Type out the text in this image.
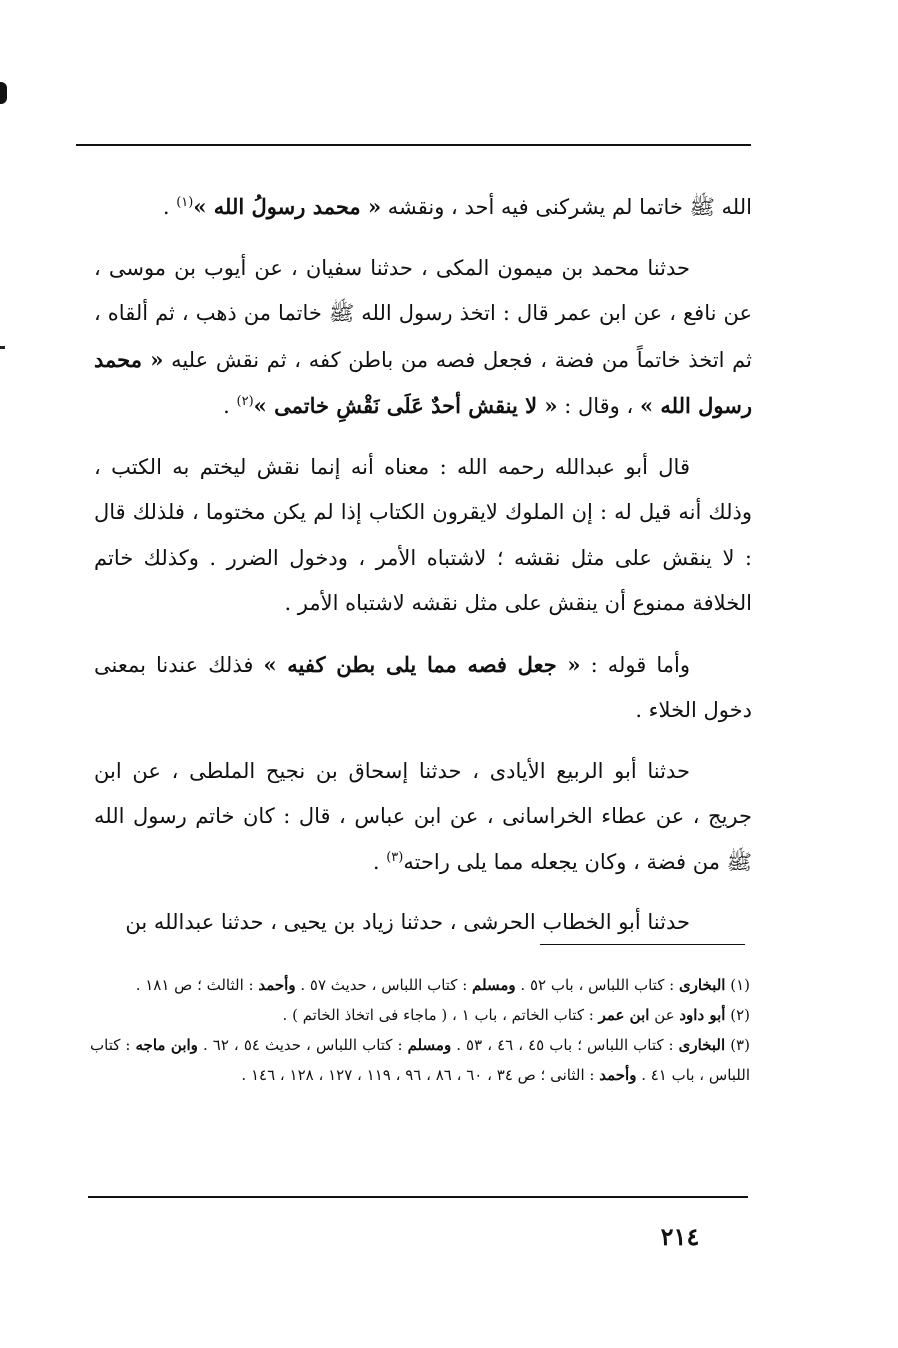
الله ﷺ خاتما لم يشركنى فيه أحد ، ونقشه « محمد رسولُ الله »$^{(١)}$ .

حدثنا محمد بن ميمون المكى ، حدثنا سفيان ، عن أيوب بن موسى ، عن نافع ، عن ابن عمر قال : اتخذ رسول الله ﷺ خاتما من ذهب ، ثم ألقاه ، ثم اتخذ خاتماً من فضة ، فجعل فصه من باطن كفه ، ثم نقش عليه « محمد رسول الله » ، وقال : « لا ينقش أحدٌ عَلَى نَقْشِ خاتمى »$^{(٢)}$ .

قال أبو عبدالله رحمه الله : معناه أنه إنما نقش ليختم به الكتب ، وذلك أنه قيل له : إن الملوك لايقرون الكتاب إذا لم يكن مختوما ، فلذلك قال : لا ينقش على مثل نقشه ؛ لاشتباه الأمر ، ودخول الضرر . وكذلك خاتم الخلافة ممنوع أن ينقش على مثل نقشه لاشتباه الأمر .

وأما قوله : « جعل فصه مما يلى بطن كفيه » فذلك عندنا بمعنى دخول الخلاء .

حدثنا أبو الربيع الأيادى ، حدثنا إسحاق بن نجيح الملطى ، عن ابن جريج ، عن عطاء الخراسانى ، عن ابن عباس ، قال : كان خاتم رسول الله ﷺ من فضة ، وكان يجعله مما يلى راحته$^{(٣)}$ .

حدثنا أبو الخطاب الحرشى ، حدثنا زياد بن يحيى ، حدثنا عبدالله بن

(١) البخارى : كتاب اللباس ، باب ٥٢ . ومسلم : كتاب اللباس ، حديث ٥٧ . وأحمد : الثالث ؛ ص ١٨١ .

(٢) أبو داود عن ابن عمر : كتاب الخاتم ، باب ١ ، ( ماجاء فى اتخاذ الخاتم ) .

(٣) البخارى : كتاب اللباس ؛ باب ٤٥ ، ٤٦ ، ٥٣ . ومسلم : كتاب اللباس ، حديث ٥٤ ، ٦٢ . وابن ماجه : كتاب اللباس ، باب ٤١ . وأحمد : الثانى ؛ ص ٣٤ ، ٦٠ ، ٨٦ ، ٩٦ ، ١١٩ ، ١٢٧ ، ١٢٨ ، ١٤٦ .

٢١٤
